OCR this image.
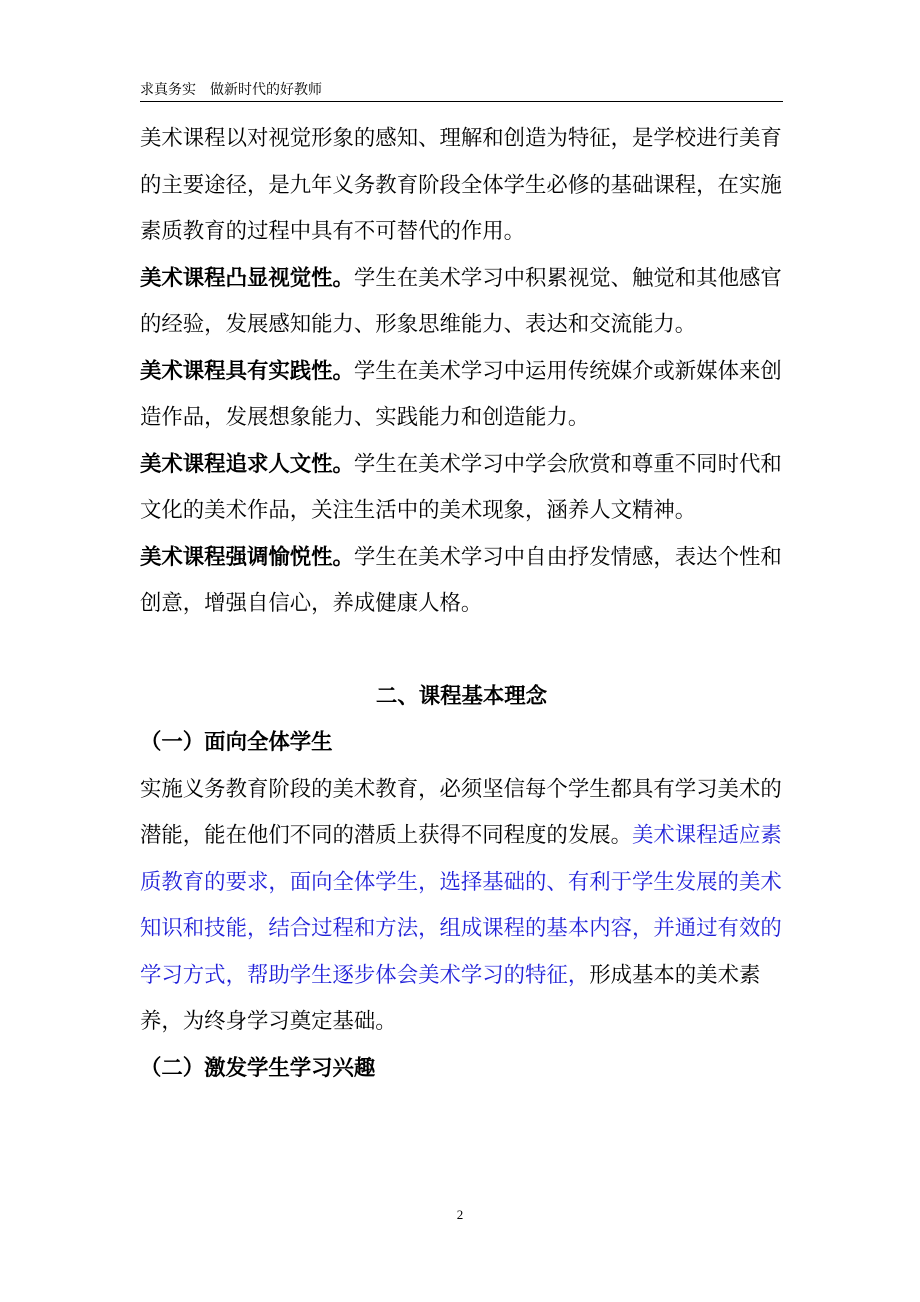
求真务实 做新时代的好教师

美术课程以对视觉形象的感知、理解和创造为特征，是学校进行美育的主要途径，是九年义务教育阶段全体学生必修的基础课程，在实施素质教育的过程中具有不可替代的作用。

美术课程凸显视觉性。学生在美术学习中积累视觉、触觉和其他感官的经验，发展感知能力、形象思维能力、表达和交流能力。

美术课程具有实践性。学生在美术学习中运用传统媒介或新媒体来创造作品，发展想象能力、实践能力和创造能力。

美术课程追求人文性。学生在美术学习中学会欣赏和尊重不同时代和文化的美术作品，关注生活中的美术现象，涵养人文精神。

美术课程强调愉悦性。学生在美术学习中自由抒发情感，表达个性和创意，增强自信心，养成健康人格。

二、课程基本理念

（一）面向全体学生

实施义务教育阶段的美术教育，必须坚信每个学生都具有学习美术的潜能，能在他们不同的潜质上获得不同程度的发展。美术课程适应素质教育的要求，面向全体学生，选择基础的、有利于学生发展的美术知识和技能，结合过程和方法，组成课程的基本内容，并通过有效的学习方式，帮助学生逐步体会美术学习的特征，形成基本的美术素养，为终身学习奠定基础。

（二）激发学生学习兴趣

2
